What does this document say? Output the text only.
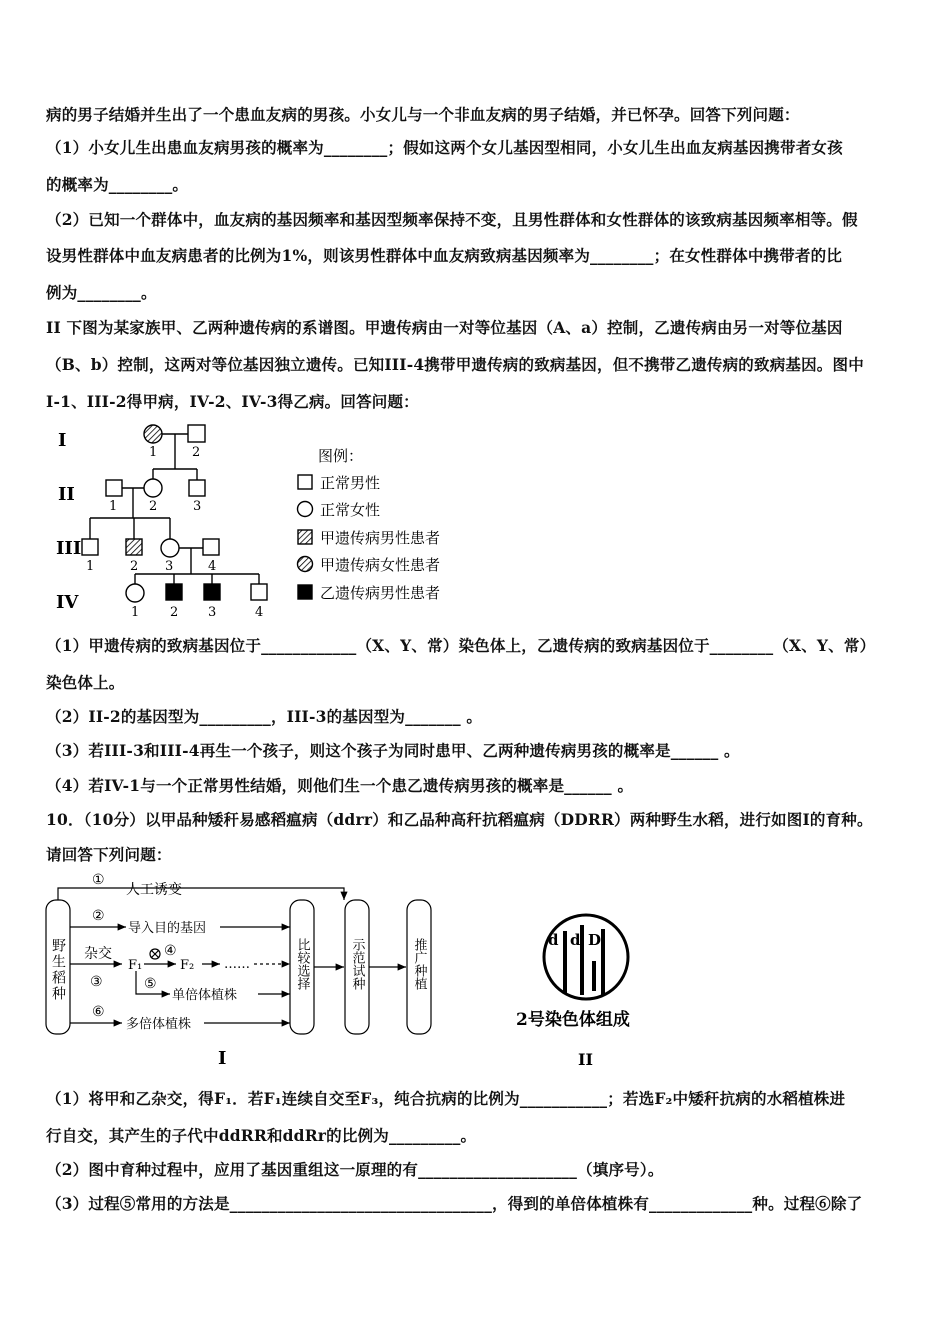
病的男子结婚并生出了一个患血友病的男孩。小女儿与一个非血友病的男子结婚，并已怀孕。回答下列问题：
（1）小女儿生出患血友病男孩的概率为________；假如这两个女儿基因型相同，小女儿生出血友病基因携带者女孩
的概率为________。
（2）已知一个群体中，血友病的基因频率和基因型频率保持不变，且男性群体和女性群体的该致病基因频率相等。假
设男性群体中血友病患者的比例为1%，则该男性群体中血友病致病基因频率为________；在女性群体中携带者的比
例为________。
II 下图为某家族甲、乙两种遗传病的系谱图。甲遗传病由一对等位基因（A、a）控制，乙遗传病由另一对等位基因
（B、b）控制，这两对等位基因独立遗传。已知III-4携带甲遗传病的致病基因，但不携带乙遗传病的致病基因。图中
I-1、III-2得甲病，IV-2、IV-3得乙病。回答问题：
I
1	2
II
1 2	3
III
1	2 3	4
IV	1 2 3	4
图例：
正常男性
正常女性
甲遗传病男性患者
甲遗传病女性患者
乙遗传病男性患者
（1）甲遗传病的致病基因位于____________（X、Y、常）染色体上，乙遗传病的致病基因位于________（X、Y、常）
染色体上。
（2）II-2的基因型为_________，III-3的基因型为_______ 。
（3）若III-3和III-4再生一个孩子，则这个孩子为同时患甲、乙两种遗传病男孩的概率是______ 。
（4）若IV-1与一个正常男性结婚，则他们生一个患乙遗传病男孩的概率是______ 。
10．（10分）以甲品种矮秆易感稻瘟病（ddrr）和乙品种高秆抗稻瘟病（DDRR）两种野生水稻，进行如图I的育种。
请回答下列问题：
野生稻种
①
人工诱变
②
导入目的基因
杂交
③
F₁
④
F₂ ……
⑤
单倍体植株
⑥
多倍体植株
比较选择	示范试种	推广种植
I
d d D
2号染色体组成
II
（1）将甲和乙杂交，得F₁．若F₁连续自交至F₃，纯合抗病的比例为___________；若选F₂中矮秆抗病的水稻植株进
行自交，其产生的子代中ddRR和ddRr的比例为_________。
（2）图中育种过程中，应用了基因重组这一原理的有____________________（填序号）。
（3）过程⑤常用的方法是_________________________________，得到的单倍体植株有_____________种。过程⑥除了
